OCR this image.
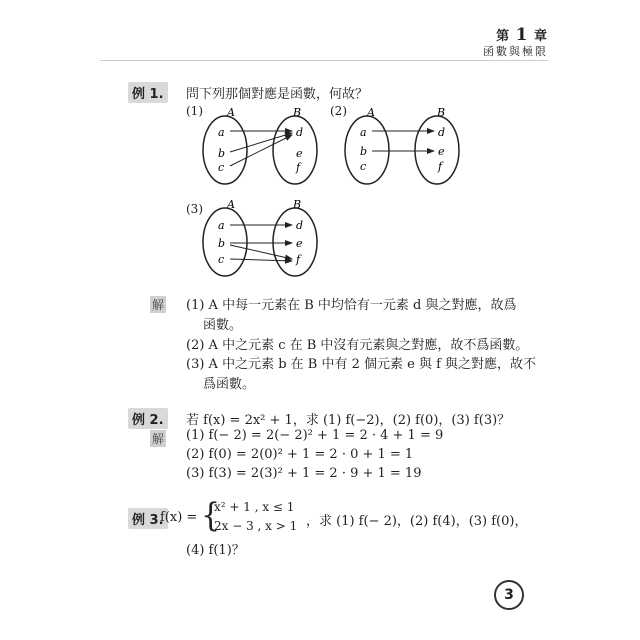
第 1 章
函數與極限
例 1.	問下列那個對應是函數，何故？
(1)	(2)
(3)
A	B
a
b
c
d
e
f
A	B
a
b
c
d
e
f
A	B
a
b
c
d
e
f
解 (1) A 中每一元素在 B 中均恰有一元素 d 與之對應，故爲
函數。
(2) A 中之元素 c 在 B 中沒有元素與之對應，故不爲函數。
(3) A 中之元素 b 在 B 中有 2 個元素 e 與 f 與之對應，故不
爲函數。
例 2.	若 f(x) = 2x² + 1，求 (1) f(−2)，(2) f(0)，(3) f(3)？
解 (1) f(− 2) = 2(− 2)² + 1 = 2 · 4 + 1 = 9
(2) f(0) = 2(0)² + 1 = 2 · 0 + 1 = 1
(3) f(3) = 2(3)² + 1 = 2 · 9 + 1 = 19
例 3.
f(x) = {
x² + 1 , x ≤ 1
2x − 3 , x > 1 ，求 (1) f(− 2)，(2) f(4)，(3) f(0)，
(4) f(1)？
3
